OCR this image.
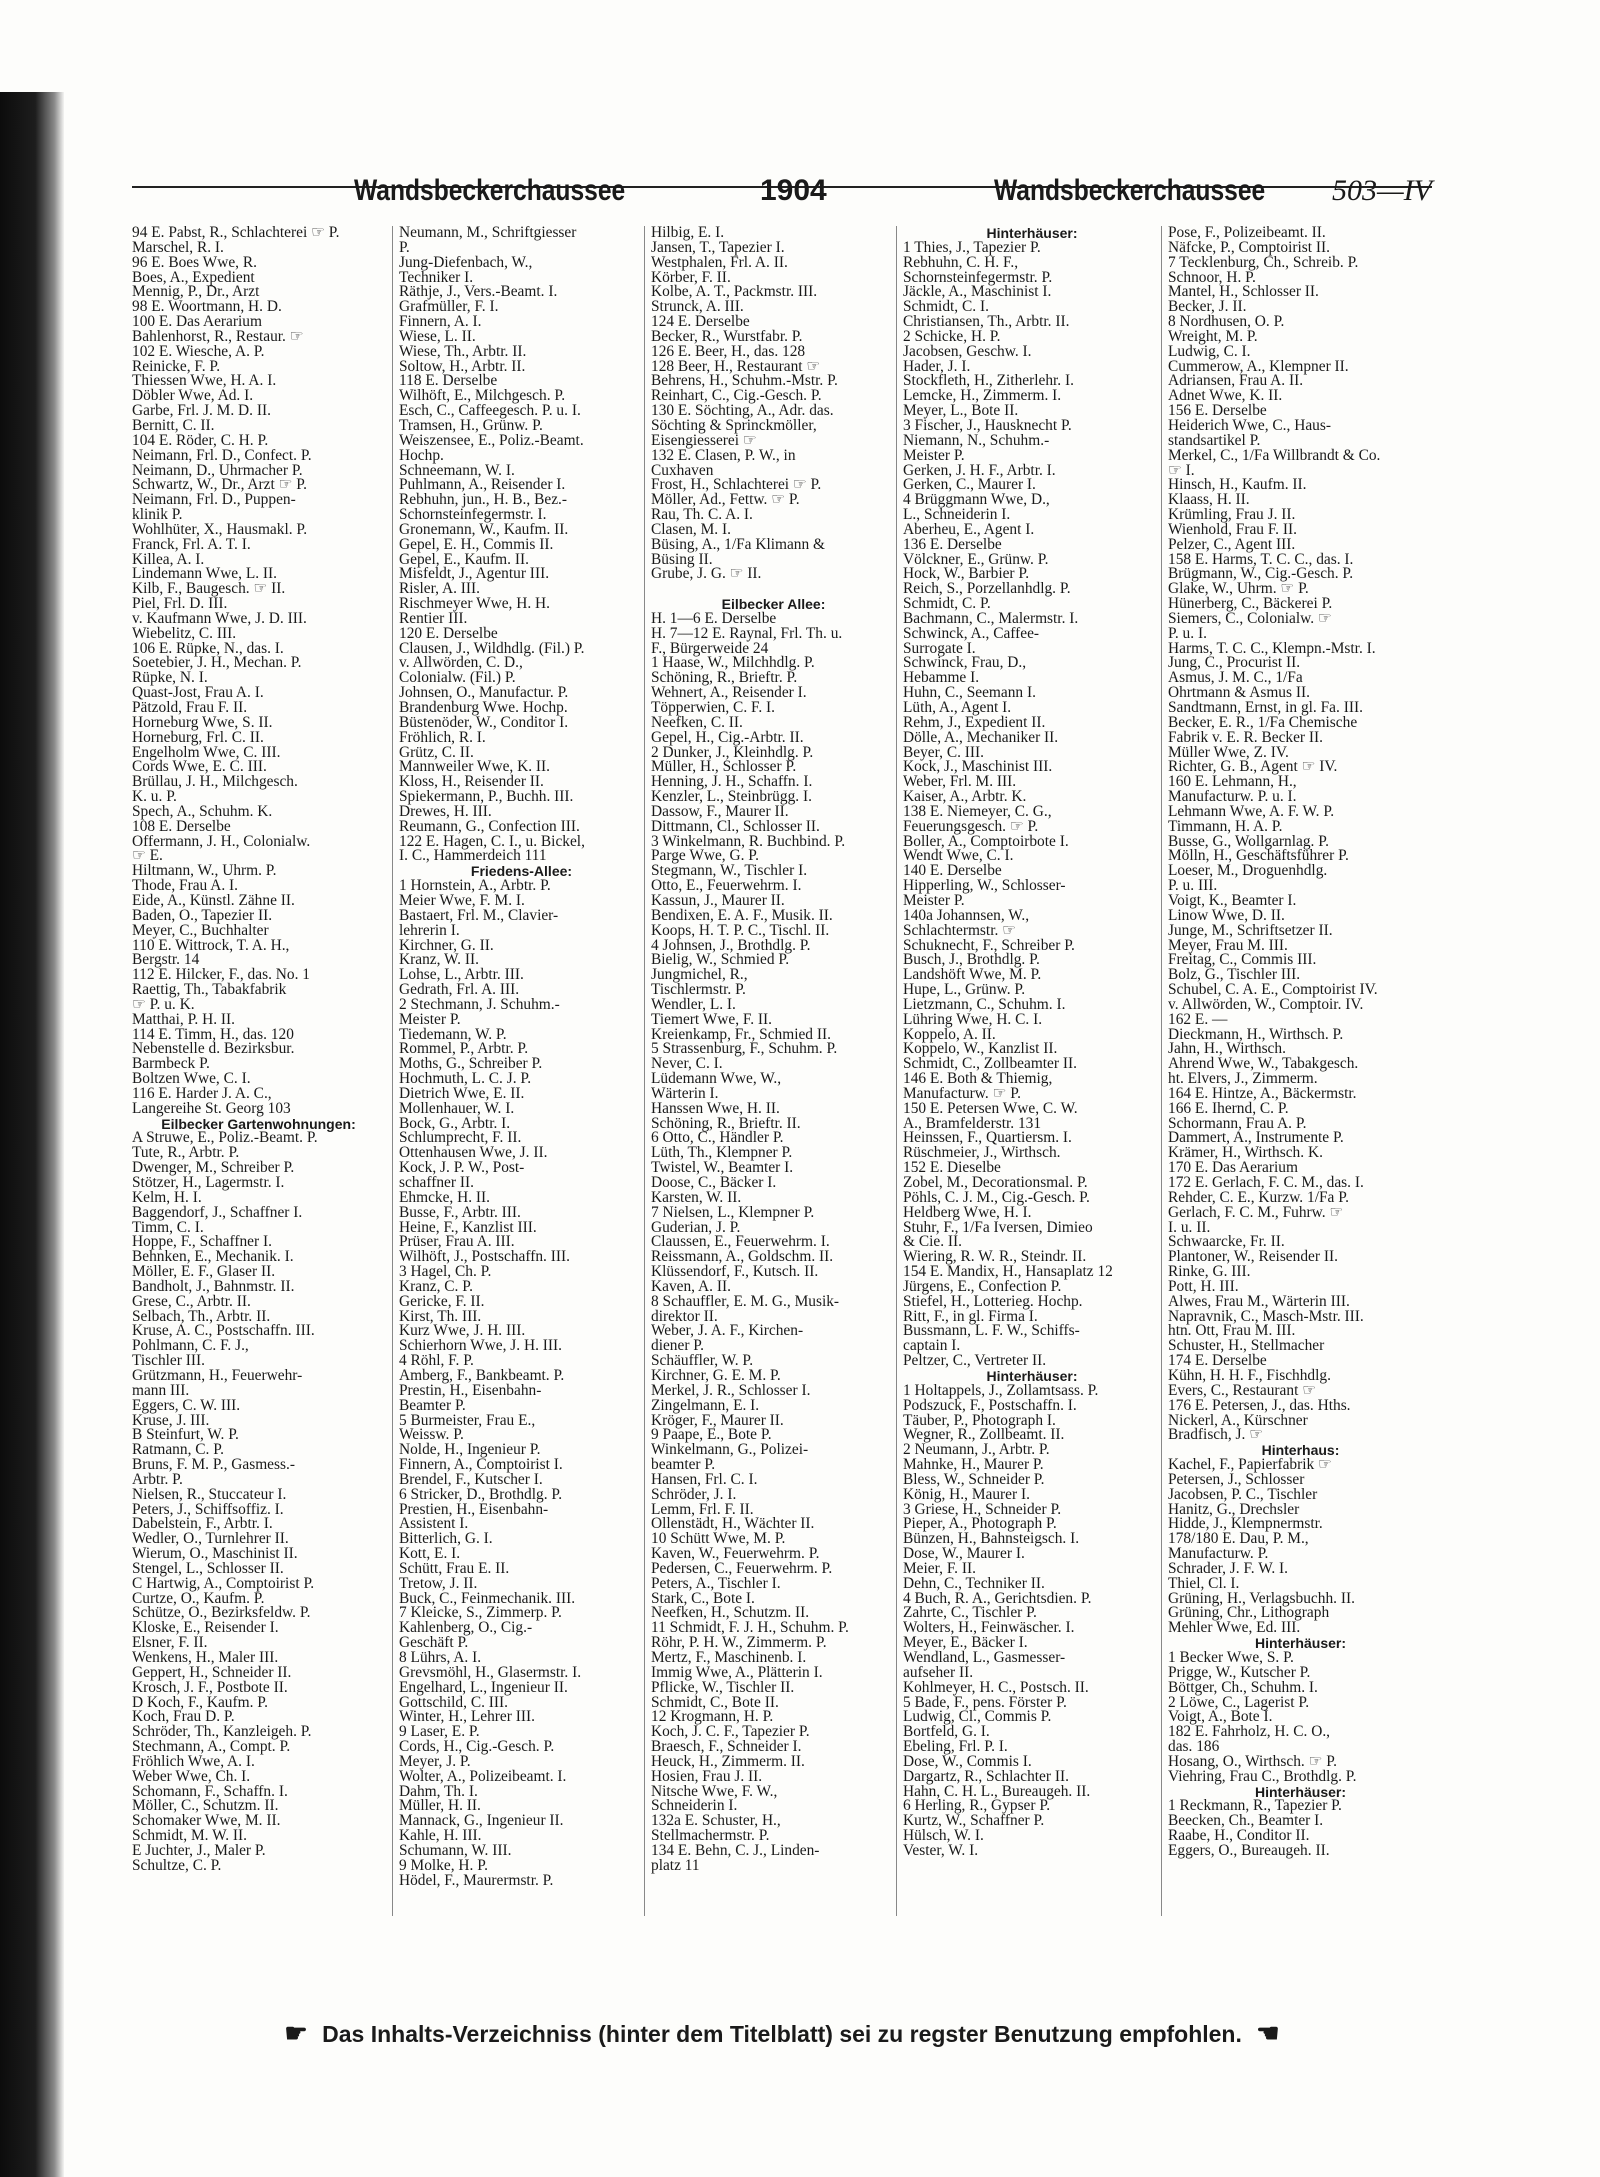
Wandsbeckerchaussee	1904	Wandsbeckerchaussee 503—IV
94 E. Pabst, R., Schlachterei ☞ P.
Marschel, R. I.
96 E. Boes Wwe, R.
Boes, A., Expedient
Mennig, P., Dr., Arzt
98 E. Woortmann, H. D.
100 E. Das Aerarium
Bahlenhorst, R., Restaur. ☞
102 E. Wiesche, A. P.
Reinicke, F. P.
Thiessen Wwe, H. A. I.
Döbler Wwe, Ad. I.
Garbe, Frl. J. M. D. II.
Bernitt, C. II.
104 E. Röder, C. H. P.
Neimann, Frl. D., Confect. P.
Neimann, D., Uhrmacher P.
Schwartz, W., Dr., Arzt ☞ P.
Neimann, Frl. D., Puppen-
klinik P.
Wohlhüter, X., Hausmakl. P.
Franck, Frl. A. T. I.
Killea, A. I.
Lindemann Wwe, L. II.
Kilb, F., Baugesch. ☞ II.
Piel, Frl. D. III.
v. Kaufmann Wwe, J. D. III.
Wiebelitz, C. III.
106 E. Rüpke, N., das. I.
Soetebier, J. H., Mechan. P.
Rüpke, N. I.
Quast-Jost, Frau A. I.
Pätzold, Frau F. II.
Horneburg Wwe, S. II.
Horneburg, Frl. C. II.
Engelholm Wwe, C. III.
Cords Wwe, E. C. III.
Brüllau, J. H., Milchgesch.
K. u. P.
Spech, A., Schuhm. K.
108 E. Derselbe
Offermann, J. H., Colonialw.
☞ E.
Hiltmann, W., Uhrm. P.
Thode, Frau A. I.
Eide, A., Künstl. Zähne II.
Baden, O., Tapezier II.
Meyer, C., Buchhalter
110 E. Wittrock, T. A. H.,
Bergstr. 14
112 E. Hilcker, F., das. No. 1
Raettig, Th., Tabakfabrik
☞ P. u. K.
Matthai, P. H. II.
114 E. Timm, H., das. 120
Nebenstelle d. Bezirksbur.
Barmbeck P.
Boltzen Wwe, C. I.
116 E. Harder J. A. C.,
Langereihe St. Georg 103
Eilbecker Gartenwohnungen:
A Struwe, E., Poliz.-Beamt. P.
Tute, R., Arbtr. P.
Dwenger, M., Schreiber P.
Stötzer, H., Lagermstr. I.
Kelm, H. I.
Baggendorf, J., Schaffner I.
Timm, C. I.
Hoppe, F., Schaffner I.
Behnken, E., Mechanik. I.
Möller, E. F., Glaser II.
Bandholt, J., Bahnmstr. II.
Grese, C., Arbtr. II.
Selbach, Th., Arbtr. II.
Kruse, A. C., Postschaffn. III.
Pohlmann, C. F. J.,
Tischler III.
Grützmann, H., Feuerwehr-
mann III.
Eggers, C. W. III.
Kruse, J. III.
B Steinfurt, W. P.
Ratmann, C. P.
Bruns, F. M. P., Gasmess.-
Arbtr. P.
Nielsen, R., Stuccateur I.
Peters, J., Schiffsoffiz. I.
Dabelstein, F., Arbtr. I.
Wedler, O., Turnlehrer II.
Wierum, O., Maschinist II.
Stengel, L., Schlosser II.
C Hartwig, A., Comptoirist P.
Curtze, O., Kaufm. P.
Schütze, O., Bezirksfeldw. P.
Kloske, E., Reisender I.
Elsner, F. II.
Wenkens, H., Maler III.
Geppert, H., Schneider II.
Krosch, J. F., Postbote II.
D Koch, F., Kaufm. P.
Koch, Frau D. P.
Schröder, Th., Kanzleigeh. P.
Stechmann, A., Compt. P.
Fröhlich Wwe, A. I.
Weber Wwe, Ch. I.
Schomann, F., Schaffn. I.
Möller, C., Schutzm. II.
Schomaker Wwe, M. II.
Schmidt, M. W. II.
E Juchter, J., Maler P.
Schultze, C. P.
Neumann, M., Schriftgiesser
P.
Jung-Diefenbach, W.,
Techniker I.
Räthje, J., Vers.-Beamt. I.
Grafmüller, F. I.
Finnern, A. I.
Wiese, L. II.
Wiese, Th., Arbtr. II.
Soltow, H., Arbtr. II.
118 E. Derselbe
Wilhöft, E., Milchgesch. P.
Esch, C., Caffeegesch. P. u. I.
Tramsen, H., Grünw. P.
Weiszensee, E., Poliz.-Beamt.
Hochp.
Schneemann, W. I.
Puhlmann, A., Reisender I.
Rebhuhn, jun., H. B., Bez.-
Schornsteinfegermstr. I.
Gronemann, W., Kaufm. II.
Gepel, E. H., Commis II.
Gepel, E., Kaufm. II.
Misfeldt, J., Agentur III.
Risler, A. III.
Rischmeyer Wwe, H. H.
Rentier III.
120 E. Derselbe
Clausen, J., Wildhdlg. (Fil.) P.
v. Allwörden, C. D.,
Colonialw. (Fil.) P.
Johnsen, O., Manufactur. P.
Brandenburg Wwe. Hochp.
Büstenöder, W., Conditor I.
Fröhlich, R. I.
Grütz, C. II.
Mannweiler Wwe, K. II.
Kloss, H., Reisender II.
Spiekermann, P., Buchh. III.
Drewes, H. III.
Reumann, G., Confection III.
122 E. Hagen, C. I., u. Bickel,
I. C., Hammerdeich 111
Friedens-Allee:
1 Hornstein, A., Arbtr. P.
Meier Wwe, F. M. I.
Bastaert, Frl. M., Clavier-
lehrerin I.
Kirchner, G. II.
Kranz, W. II.
Lohse, L., Arbtr. III.
Gedrath, Frl. A. III.
2 Stechmann, J. Schuhm.-
Meister P.
Tiedemann, W. P.
Rommel, P., Arbtr. P.
Moths, G., Schreiber P.
Hochmuth, L. C. J. P.
Dietrich Wwe, E. II.
Mollenhauer, W. I.
Bock, G., Arbtr. I.
Schlumprecht, F. II.
Ottenhausen Wwe, J. II.
Kock, J. P. W., Post-
schaffner II.
Ehmcke, H. II.
Busse, F., Arbtr. III.
Heine, F., Kanzlist III.
Prüser, Frau A. III.
Wilhöft, J., Postschaffn. III.
3 Hagel, Ch. P.
Kranz, C. P.
Gericke, F. II.
Kirst, Th. III.
Kurz Wwe, J. H. III.
Schierhorn Wwe, J. H. III.
4 Röhl, F. P.
Amberg, F., Bankbeamt. P.
Prestin, H., Eisenbahn-
Beamter P.
5 Burmeister, Frau E.,
Weissw. P.
Nolde, H., Ingenieur P.
Finnern, A., Comptoirist I.
Brendel, F., Kutscher I.
6 Stricker, D., Brothdlg. P.
Prestien, H., Eisenbahn-
Assistent I.
Bitterlich, G. I.
Kott, E. I.
Schütt, Frau E. II.
Tretow, J. II.
Buck, C., Feinmechanik. III.
7 Kleicke, S., Zimmerp. P.
Kahlenberg, O., Cig.-
Geschäft P.
8 Lührs, A. I.
Grevsmöhl, H., Glasermstr. I.
Engelhard, L., Ingenieur II.
Gottschild, C. III.
Winter, H., Lehrer III.
9 Laser, E. P.
Cords, H., Cig.-Gesch. P.
Meyer, J. P.
Wolter, A., Polizeibeamt. I.
Dahm, Th. I.
Müller, H. II.
Mannack, G., Ingenieur II.
Kahle, H. III.
Schumann, W. III.
9 Molke, H. P.
Hödel, F., Maurermstr. P.
Hilbig, E. I.
Jansen, T., Tapezier I.
Westphalen, Frl. A. II.
Körber, F. II.
Kolbe, A. T., Packmstr. III.
Strunck, A. III.
124 E. Derselbe
Becker, R., Wurstfabr. P.
126 E. Beer, H., das. 128
128 Beer, H., Restaurant ☞
Behrens, H., Schuhm.-Mstr. P.
Reinhart, C., Cig.-Gesch. P.
130 E. Söchting, A., Adr. das.
Söchting & Sprinckmöller,
Eisengiesserei ☞
132 E. Clasen, P. W., in
Cuxhaven
Frost, H., Schlachterei ☞ P.
Möller, Ad., Fettw. ☞ P.
Rau, Th. C. A. I.
Clasen, M. I.
Büsing, A., 1/Fa Klimann &
Büsing II.
Grube, J. G. ☞ II.

Eilbecker Allee:
H. 1—6 E. Derselbe
H. 7—12 E. Raynal, Frl. Th. u.
F., Bürgerweide 24
1 Haase, W., Milchhdlg. P.
Schöning, R., Brieftr. P.
Wehnert, A., Reisender I.
Töpperwien, C. F. I.
Neefken, C. II.
Gepel, H., Cig.-Arbtr. II.
2 Dunker, J., Kleinhdlg. P.
Müller, H., Schlosser P.
Henning, J. H., Schaffn. I.
Kenzler, L., Steinbrügg. I.
Dassow, F., Maurer II.
Dittmann, Cl., Schlosser II.
3 Winkelmann, R. Buchbind. P.
Parge Wwe, G. P.
Stegmann, W., Tischler I.
Otto, E., Feuerwehrm. I.
Kassun, J., Maurer II.
Bendixen, E. A. F., Musik. II.
Koops, H. T. P. C., Tischl. II.
4 Johnsen, J., Brothdlg. P.
Bielig, W., Schmied P.
Jungmichel, R.,
Tischlermstr. P.
Wendler, L. I.
Tiemert Wwe, F. II.
Kreienkamp, Fr., Schmied II.
5 Strassenburg, F., Schuhm. P.
Never, C. I.
Lüdemann Wwe, W.,
Wärterin I.
Hanssen Wwe, H. II.
Schöning, R., Brieftr. II.
6 Otto, C., Händler P.
Lüth, Th., Klempner P.
Twistel, W., Beamter I.
Doose, C., Bäcker I.
Karsten, W. II.
7 Nielsen, L., Klempner P.
Guderian, J. P.
Claussen, E., Feuerwehrm. I.
Reissmann, A., Goldschm. II.
Klüssendorf, F., Kutsch. II.
Kaven, A. II.
8 Schauffler, E. M. G., Musik-
direktor II.
Weber, J. A. F., Kirchen-
diener P.
Schäuffler, W. P.
Kirchner, G. E. M. P.
Merkel, J. R., Schlosser I.
Zingelmann, E. I.
Kröger, F., Maurer II.
9 Paape, E., Bote P.
Winkelmann, G., Polizei-
beamter P.
Hansen, Frl. C. I.
Schröder, J. I.
Lemm, Frl. F. II.
Ollenstädt, H., Wächter II.
10 Schütt Wwe, M. P.
Kaven, W., Feuerwehrm. P.
Pedersen, C., Feuerwehrm. P.
Peters, A., Tischler I.
Stark, C., Bote I.
Neefken, H., Schutzm. II.
11 Schmidt, F. J. H., Schuhm. P.
Röhr, P. H. W., Zimmerm. P.
Mertz, F., Maschinenb. I.
Immig Wwe, A., Plätterin I.
Pflicke, W., Tischler II.
Schmidt, C., Bote II.
12 Krogmann, H. P.
Koch, J. C. F., Tapezier P.
Braesch, F., Schneider I.
Heuck, H., Zimmerm. II.
Hosien, Frau J. II.
Nitsche Wwe, F. W.,
Schneiderin I.
132a E. Schuster, H.,
Stellmachermstr. P.
134 E. Behn, C. J., Linden-
platz 11
Hinterhäuser:
1 Thies, J., Tapezier P.
Rebhuhn, C. H. F.,
Schornsteinfegermstr. P.
Jäckle, A., Maschinist I.
Schmidt, C. I.
Christiansen, Th., Arbtr. II.
2 Schicke, H. P.
Jacobsen, Geschw. I.
Hader, J. I.
Stockfleth, H., Zitherlehr. I.
Lemcke, H., Zimmerm. I.
Meyer, L., Bote II.
3 Fischer, J., Hausknecht P.
Niemann, N., Schuhm.-
Meister P.
Gerken, J. H. F., Arbtr. I.
Gerken, C., Maurer I.
4 Brüggmann Wwe, D.,
L., Schneiderin I.
Aberheu, E., Agent I.
136 E. Derselbe
Völckner, E., Grünw. P.
Hock, W., Barbier P.
Reich, S., Porzellanhdlg. P.
Schmidt, C. P.
Bachmann, C., Malermstr. I.
Schwinck, A., Caffee-
Surrogate I.
Schwinck, Frau, D.,
Hebamme I.
Huhn, C., Seemann I.
Lüth, A., Agent I.
Rehm, J., Expedient II.
Dölle, A., Mechaniker II.
Beyer, C. III.
Kock, J., Maschinist III.
Weber, Frl. M. III.
Kaiser, A., Arbtr. K.
138 E. Niemeyer, C. G.,
Feuerungsgesch. ☞ P.
Boller, A., Comptoirbote I.
Wendt Wwe, C. I.
140 E. Derselbe
Hipperling, W., Schlosser-
Meister P.
140a Johannsen, W.,
Schlachtermstr. ☞
Schuknecht, F., Schreiber P.
Busch, J., Brothdlg. P.
Landshöft Wwe, M. P.
Hupe, L., Grünw. P.
Lietzmann, C., Schuhm. I.
Lühring Wwe, H. C. I.
Koppelo, A. II.
Koppelo, W., Kanzlist II.
Schmidt, C., Zollbeamter II.
146 E. Both & Thiemig,
Manufacturw. ☞ P.
150 E. Petersen Wwe, C. W.
A., Bramfelderstr. 131
Heinssen, F., Quartiersm. I.
Rüschmeier, J., Wirthsch.
152 E. Dieselbe
Zobel, M., Decorationsmal. P.
Pöhls, C. J. M., Cig.-Gesch. P.
Heldberg Wwe, H. I.
Stuhr, F., 1/Fa Iversen, Dimieo
& Cie. II.
Wiering, R. W. R., Steindr. II.
154 E. Mandix, H., Hansaplatz 12
Jürgens, E., Confection P.
Stiefel, H., Lotterieg. Hochp.
Ritt, F., in gl. Firma I.
Bussmann, L. F. W., Schiffs-
captain I.
Peltzer, C., Vertreter II.
Hinterhäuser:
1 Holtappels, J., Zollamtsass. P.
Podszuck, F., Postschaffn. I.
Täuber, P., Photograph I.
Wegner, R., Zollbeamt. II.
2 Neumann, J., Arbtr. P.
Mahnke, H., Maurer P.
Bless, W., Schneider P.
König, H., Maurer I.
3 Griese, H., Schneider P.
Pieper, A., Photograph P.
Bünzen, H., Bahnsteigsch. I.
Dose, W., Maurer I.
Meier, F. II.
Dehn, C., Techniker II.
4 Buch, R. A., Gerichtsdien. P.
Zahrte, C., Tischler P.
Wolters, H., Feinwäscher. I.
Meyer, E., Bäcker I.
Wendland, L., Gasmesser-
aufseher II.
Kohlmeyer, H. C., Postsch. II.
5 Bade, F., pens. Förster P.
Ludwig, Cl., Commis P.
Bortfeld, G. I.
Ebeling, Frl. P. I.
Dose, W., Commis I.
Dargartz, R., Schlachter II.
Hahn, C. H. L., Bureaugeh. II.
6 Herling, R., Gypser P.
Kurtz, W., Schaffner P.
Hülsch, W. I.
Vester, W. I.
Pose, F., Polizeibeamt. II.
Näfcke, P., Comptoirist II.
7 Tecklenburg, Ch., Schreib. P.
Schnoor, H. P.
Mantel, H., Schlosser II.
Becker, J. II.
8 Nordhusen, O. P.
Wreight, M. P.
Ludwig, C. I.
Cummerow, A., Klempner II.
Adriansen, Frau A. II.
Adnet Wwe, K. II.
156 E. Derselbe
Heiderich Wwe, C., Haus-
standsartikel P.
Merkel, C., 1/Fa Willbrandt & Co.
☞ I.
Hinsch, H., Kaufm. II.
Klaass, H. II.
Krümling, Frau J. II.
Wienhold, Frau F. II.
Pelzer, C., Agent III.
158 E. Harms, T. C. C., das. I.
Brügmann, W., Cig.-Gesch. P.
Glake, W., Uhrm. ☞ P.
Hünerberg, C., Bäckerei P.
Siemers, C., Colonialw. ☞
P. u. I.
Harms, T. C. C., Klempn.-Mstr. I.
Jung, C., Procurist II.
Asmus, J. M. C., 1/Fa
Ohrtmann & Asmus II.
Sandtmann, Ernst, in gl. Fa. III.
Becker, E. R., 1/Fa Chemische
Fabrik v. E. R. Becker II.
Müller Wwe, Z. IV.
Richter, G. B., Agent ☞ IV.
160 E. Lehmann, H.,
Manufacturw. P. u. I.
Lehmann Wwe, A. F. W. P.
Timmann, H. A. P.
Busse, G., Wollgarnlag. P.
Mölln, H., Geschäftsführer P.
Loeser, M., Droguenhdlg.
P. u. III.
Voigt, K., Beamter I.
Linow Wwe, D. II.
Junge, M., Schriftsetzer II.
Meyer, Frau M. III.
Freitag, C., Commis III.
Bolz, G., Tischler III.
Schubel, C. A. E., Comptoirist IV.
v. Allwörden, W., Comptoir. IV.
162 E. —
Dieckmann, H., Wirthsch. P.
Jahn, H., Wirthsch.
Ahrend Wwe, W., Tabakgesch.
ht. Elvers, J., Zimmerm.
164 E. Hintze, A., Bäckermstr.
166 E. Ihernd, C. P.
Schormann, Frau A. P.
Dammert, A., Instrumente P.
Krämer, H., Wirthsch. K.
170 E. Das Aerarium
172 E. Gerlach, F. C. M., das. I.
Rehder, C. E., Kurzw. 1/Fa P.
Gerlach, F. C. M., Fuhrw. ☞
I. u. II.
Schwaarcke, Fr. II.
Plantoner, W., Reisender II.
Rinke, G. III.
Pott, H. III.
Alwes, Frau M., Wärterin III.
Napravnik, C., Masch-Mstr. III.
htn. Ott, Frau M. III.
Schuster, H., Stellmacher
174 E. Derselbe
Kühn, H. H. F., Fischhdlg.
Evers, C., Restaurant ☞
176 E. Petersen, J., das. Hths.
Nickerl, A., Kürschner
Bradfisch, J. ☞
Hinterhaus:
Kachel, F., Papierfabrik ☞
Petersen, J., Schlosser
Jacobsen, P. C., Tischler
Hanitz, G., Drechsler
Hidde, J., Klempnermstr.
178/180 E. Dau, P. M.,
Manufacturw. P.
Schrader, J. F. W. I.
Thiel, Cl. I.
Grüning, H., Verlagsbuchh. II.
Grüning, Chr., Lithograph
Mehler Wwe, Ed. III.
Hinterhäuser:
1 Becker Wwe, S. P.
Prigge, W., Kutscher P.
Böttger, Ch., Schuhm. I.
2 Löwe, C., Lagerist P.
Voigt, A., Bote I.
182 E. Fahrholz, H. C. O.,
das. 186
Hosang, O., Wirthsch. ☞ P.
Viehring, Frau C., Brothdlg. P.
Hinterhäuser:
1 Reckmann, R., Tapezier P.
Beecken, Ch., Beamter I.
Raabe, H., Conditor II.
Eggers, O., Bureaugeh. II.
☛ Das Inhalts-Verzeichniss (hinter dem Titelblatt) sei zu regster Benutzung empfohlen. ☚
